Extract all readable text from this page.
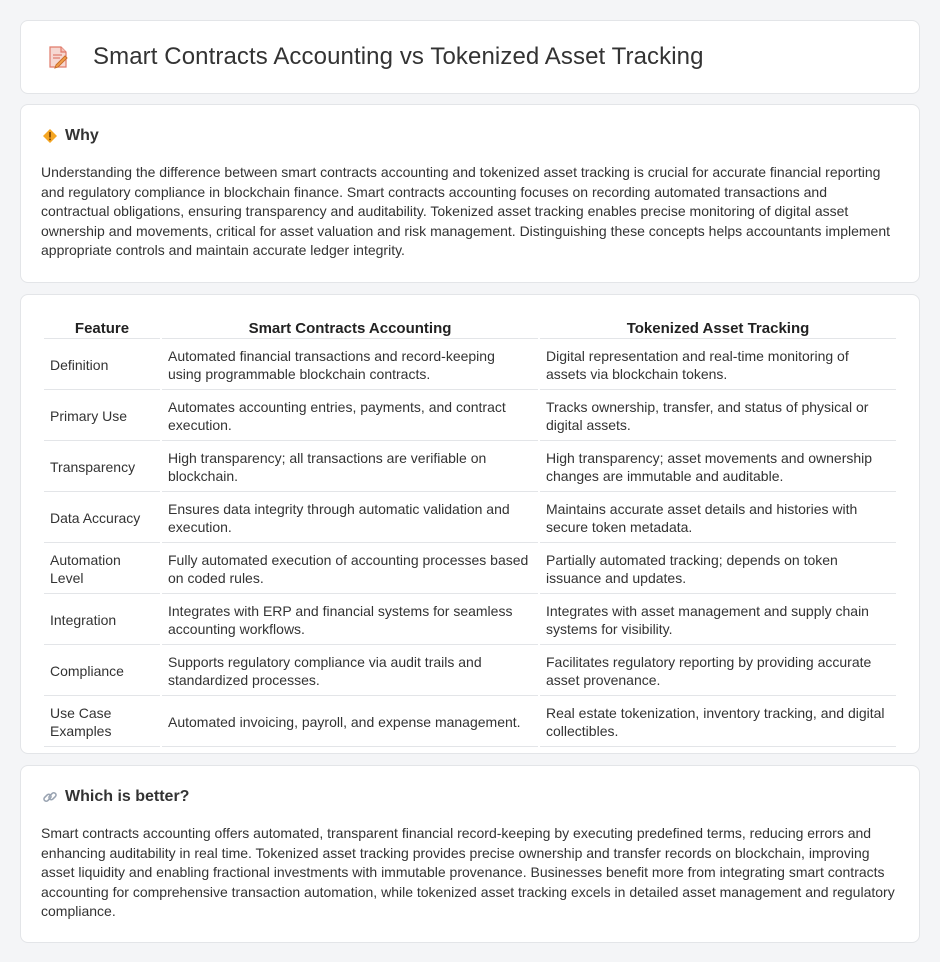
Smart Contracts Accounting vs Tokenized Asset Tracking
Why

Understanding the difference between smart contracts accounting and tokenized asset tracking is crucial for accurate financial reporting and regulatory compliance in blockchain finance. Smart contracts accounting focuses on recording automated transactions and contractual obligations, ensuring transparency and auditability. Tokenized asset tracking enables precise monitoring of digital asset ownership and movements, critical for asset valuation and risk management. Distinguishing these concepts helps accountants implement appropriate controls and maintain accurate ledger integrity.

Feature	Smart Contracts Accounting	Tokenized Asset Tracking
Definition	Automated financial transactions and record-keeping using programmable blockchain contracts.	Digital representation and real-time monitoring of assets via blockchain tokens.
Primary Use	Automates accounting entries, payments, and contract execution.	Tracks ownership, transfer, and status of physical or digital assets.
Transparency	High transparency; all transactions are verifiable on blockchain.	High transparency; asset movements and ownership changes are immutable and auditable.
Data Accuracy	Ensures data integrity through automatic validation and execution.	Maintains accurate asset details and histories with secure token metadata.
Automation Level	Fully automated execution of accounting processes based on coded rules.	Partially automated tracking; depends on token issuance and updates.
Integration	Integrates with ERP and financial systems for seamless accounting workflows.	Integrates with asset management and supply chain systems for visibility.
Compliance	Supports regulatory compliance via audit trails and standardized processes.	Facilitates regulatory reporting by providing accurate asset provenance.
Use Case Examples	Automated invoicing, payroll, and expense management.	Real estate tokenization, inventory tracking, and digital collectibles.
Which is better?

Smart contracts accounting offers automated, transparent financial record-keeping by executing predefined terms, reducing errors and enhancing auditability in real time. Tokenized asset tracking provides precise ownership and transfer records on blockchain, improving asset liquidity and enabling fractional investments with immutable provenance. Businesses benefit more from integrating smart contracts accounting for comprehensive transaction automation, while tokenized asset tracking excels in detailed asset management and regulatory compliance.
